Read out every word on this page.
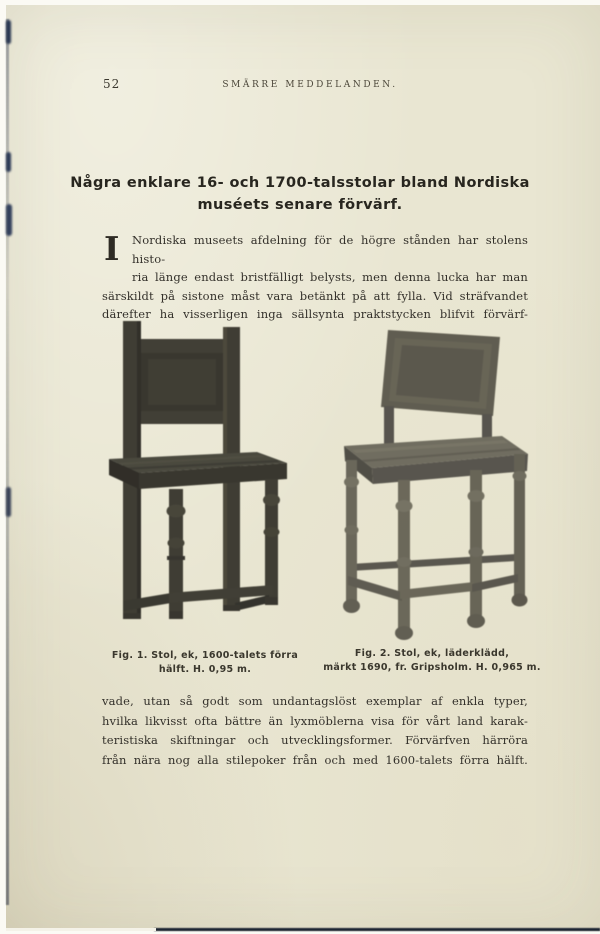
52	SMÄRRE MEDDELANDEN.
Några enklare 16- och 1700-talsstolar bland Nordiska
muséets senare förvärf.
I Nordiska museets afdelning för de högre stånden har stolens histo-
ria länge endast bristfälligt belysts, men denna lucka har man
särskildt på sistone måst vara betänkt på att fylla. Vid sträfvandet
därefter ha visserligen inga sällsynta praktstycken blifvit förvärf-
Fig. 1. Stol, ek, 1600-talets förra
hälft. H. 0,95 m.
Fig. 2. Stol, ek, läderklädd,
märkt 1690, fr. Gripsholm. H. 0,965 m.
vade, utan så godt som undantagslöst exemplar af enkla typer,
hvilka likvisst ofta bättre än lyxmöblerna visa för vårt land karak-
teristiska skiftningar och utvecklingsformer. Förvärfven härröra
från nära nog alla stilepoker från och med 1600-talets förra hälft.
